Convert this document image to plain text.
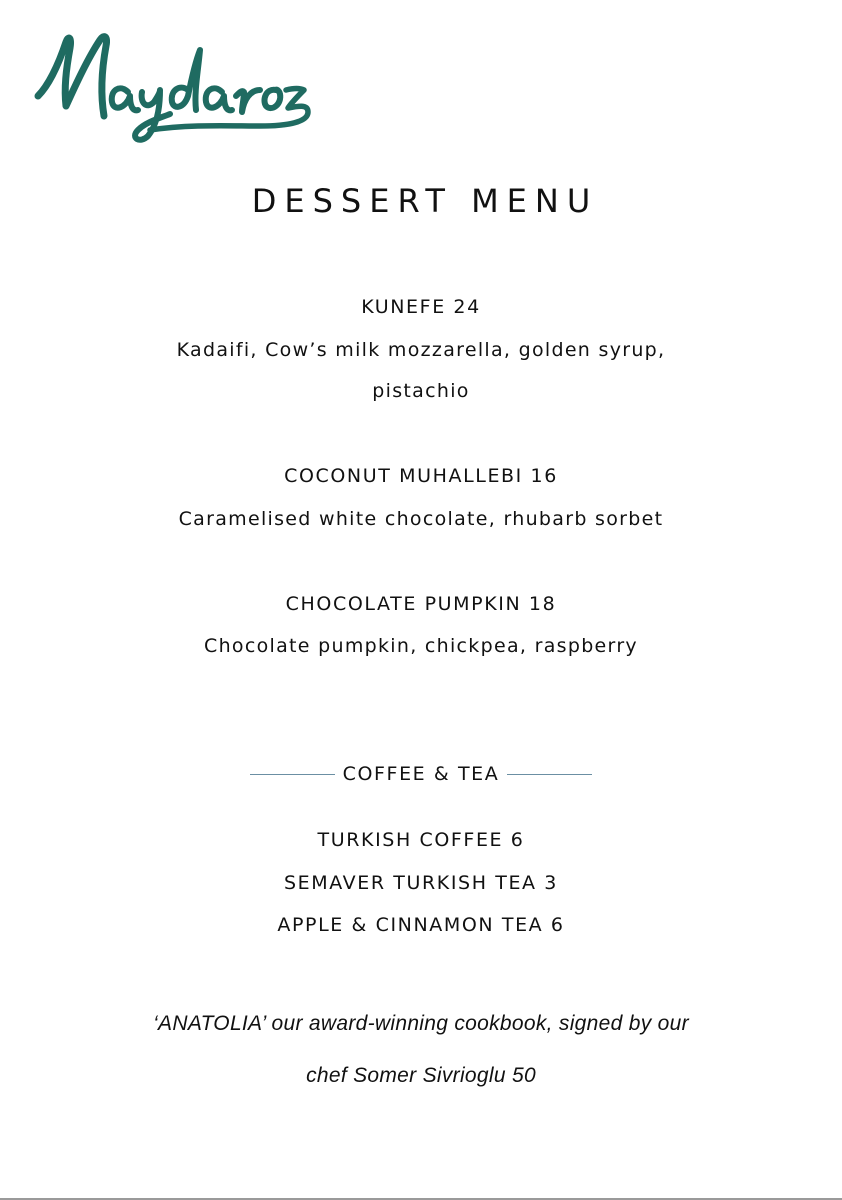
DESSERT MENU
KUNEFE 24
Kadaifi, Cow’s milk mozzarella, golden syrup,
pistachio
COCONUT MUHALLEBI 16
Caramelised white chocolate, rhubarb sorbet
CHOCOLATE PUMPKIN 18
Chocolate pumpkin, chickpea, raspberry
COFFEE & TEA
TURKISH COFFEE 6
SEMAVER TURKISH TEA 3
APPLE & CINNAMON TEA 6
‘ANATOLIA’ our award-winning cookbook, signed by our
chef Somer Sivrioglu 50
